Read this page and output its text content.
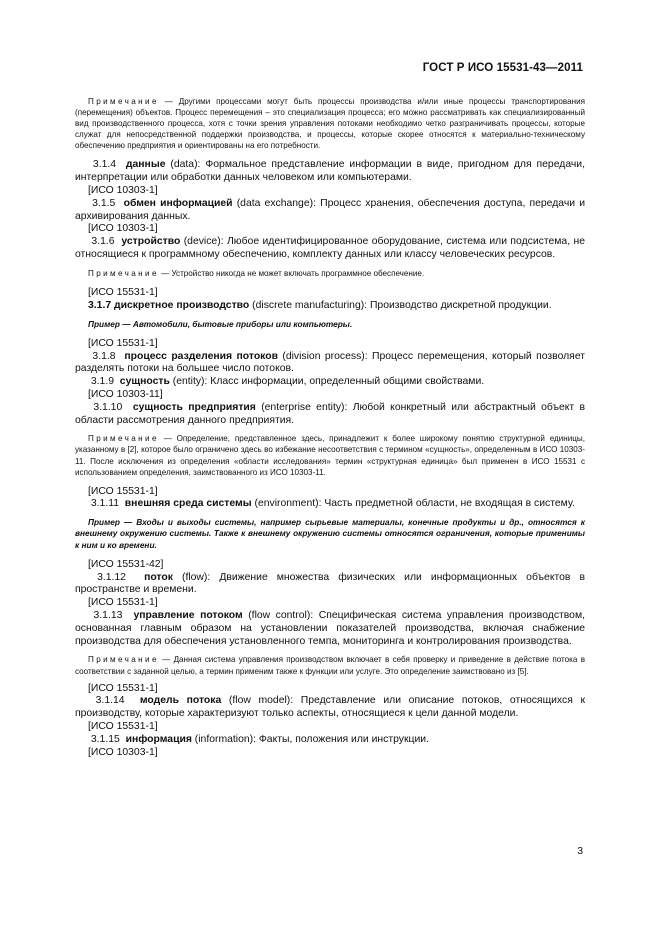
ГОСТ Р ИСО 15531-43—2011

Примечание — Другими процессами могут быть процессы производства и/или иные процессы транспортирования (перемещения) объектов. Процесс перемещения – это специализация процесса; его можно рассматривать как специализированный вид производственного процесса, хотя с точки зрения управления потоками необходимо четко разграничивать процессы, которые служат для непосредственной поддержки производства, и процессы, которые скорее относятся к материально-техническому обеспечению предприятия и ориентированы на его потребности.

3.1.4 данные (data): Формальное представление информации в виде, пригодном для передачи, интерпретации или обработки данных человеком или компьютерами.

[ИСО 10303-1]

3.1.5 обмен информацией (data exchange): Процесс хранения, обеспечения доступа, передачи и архивирования данных.

[ИСО 10303-1]

3.1.6 устройство (device): Любое идентифицированное оборудование, система или подсистема, не относящиеся к программному обеспечению, комплекту данных или классу человеческих ресурсов.

Примечание — Устройство никогда не может включать программное обеспечение.

[ИСО 15531-1]

3.1.7 дискретное производство (discrete manufacturing): Производство дискретной продукции.

Пример — Автомобили, бытовые приборы или компьютеры.

[ИСО 15531-1]

3.1.8 процесс разделения потоков (division process): Процесс перемещения, который позволяет разделять потоки на большее число потоков.

3.1.9 сущность (entity): Класс информации, определенный общими свойствами.

[ИСО 10303-11]

3.1.10 сущность предприятия (enterprise entity): Любой конкретный или абстрактный объект в области рассмотрения данного предприятия.

Примечание — Определение, представленное здесь, принадлежит к более широкому понятию структурной единицы, указанному в [2], которое было ограничено здесь во избежание несоответствия с термином «сущность», определенным в ИСО 10303-11. После исключения из определения «области исследования» термин «структурная единица» был применен в ИСО 15531 с использованием определения, заимствованного из ИСО 10303-11.

[ИСО 15531-1]

3.1.11 внешняя среда системы (environment): Часть предметной области, не входящая в систему.

Пример — Входы и выходы системы, например сырьевые материалы, конечные продукты и др., относятся к внешнему окружению системы. Также к внешнему окружению системы относятся ограничения, которые применимы к ним и ко времени.

[ИСО 15531-42]

3.1.12 поток (flow): Движение множества физических или информационных объектов в пространстве и времени.

[ИСО 15531-1]

3.1.13 управление потоком (flow control): Специфическая система управления производством, основанная главным образом на установлении показателей производства, включая снабжение производства для обеспечения установленного темпа, мониторинга и контролирования производства.

Примечание — Данная система управления производством включает в себя проверку и приведение в действие потока в соответствии с заданной целью, а термин применим также к функции или услуге. Это определение заимствовано из [5].

[ИСО 15531-1]

3.1.14 модель потока (flow model): Представление или описание потоков, относящихся к производству, которые характеризуют только аспекты, относящиеся к цели данной модели.

[ИСО 15531-1]

3.1.15 информация (information): Факты, положения или инструкции.

[ИСО 10303-1]

3
